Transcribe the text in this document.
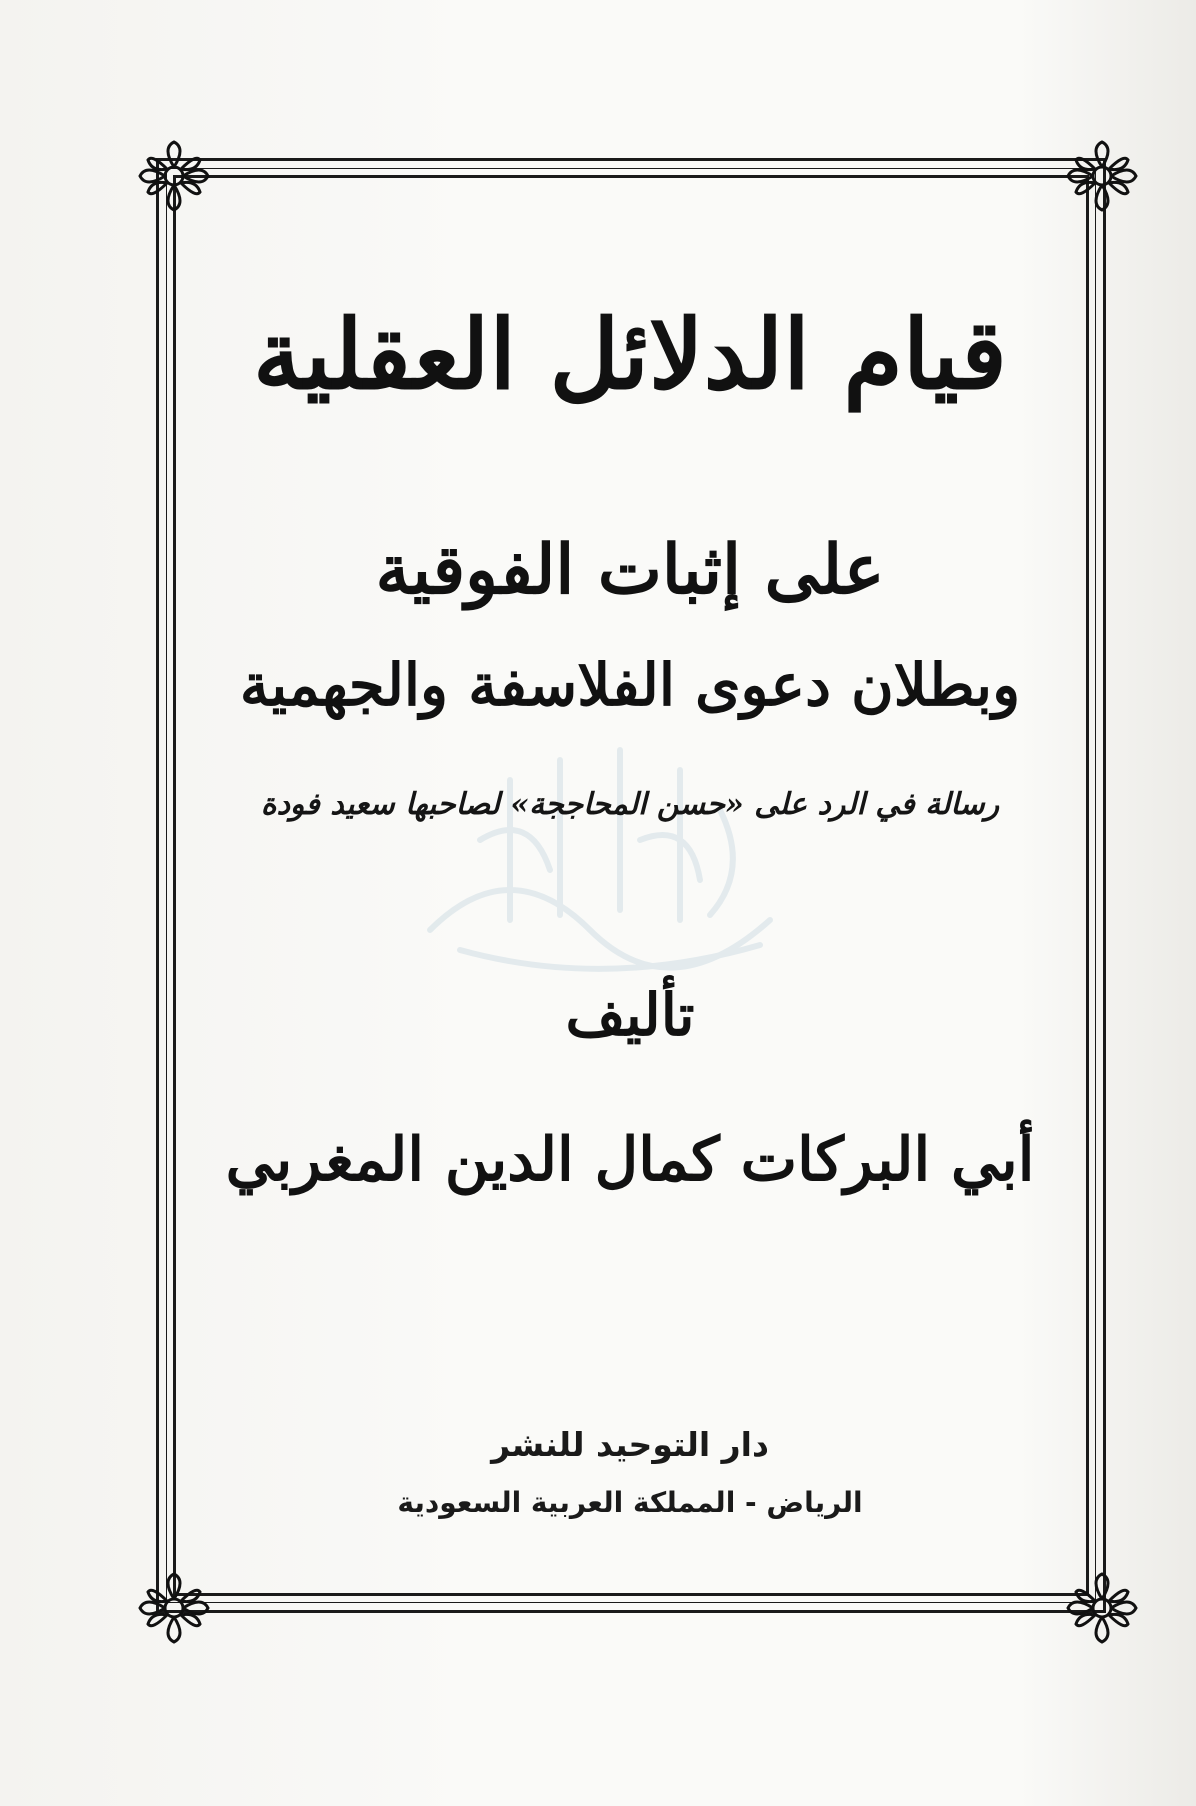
قيام الدلائل العقلية
على إثبات الفوقية
وبطلان دعوى الفلاسفة والجهمية
رسالة في الرد على «حسن المحاججة» لصاحبها سعيد فودة
تأليف
أبي البركات كمال الدين المغربي
دار التوحيد للنشر
الرياض - المملكة العربية السعودية
